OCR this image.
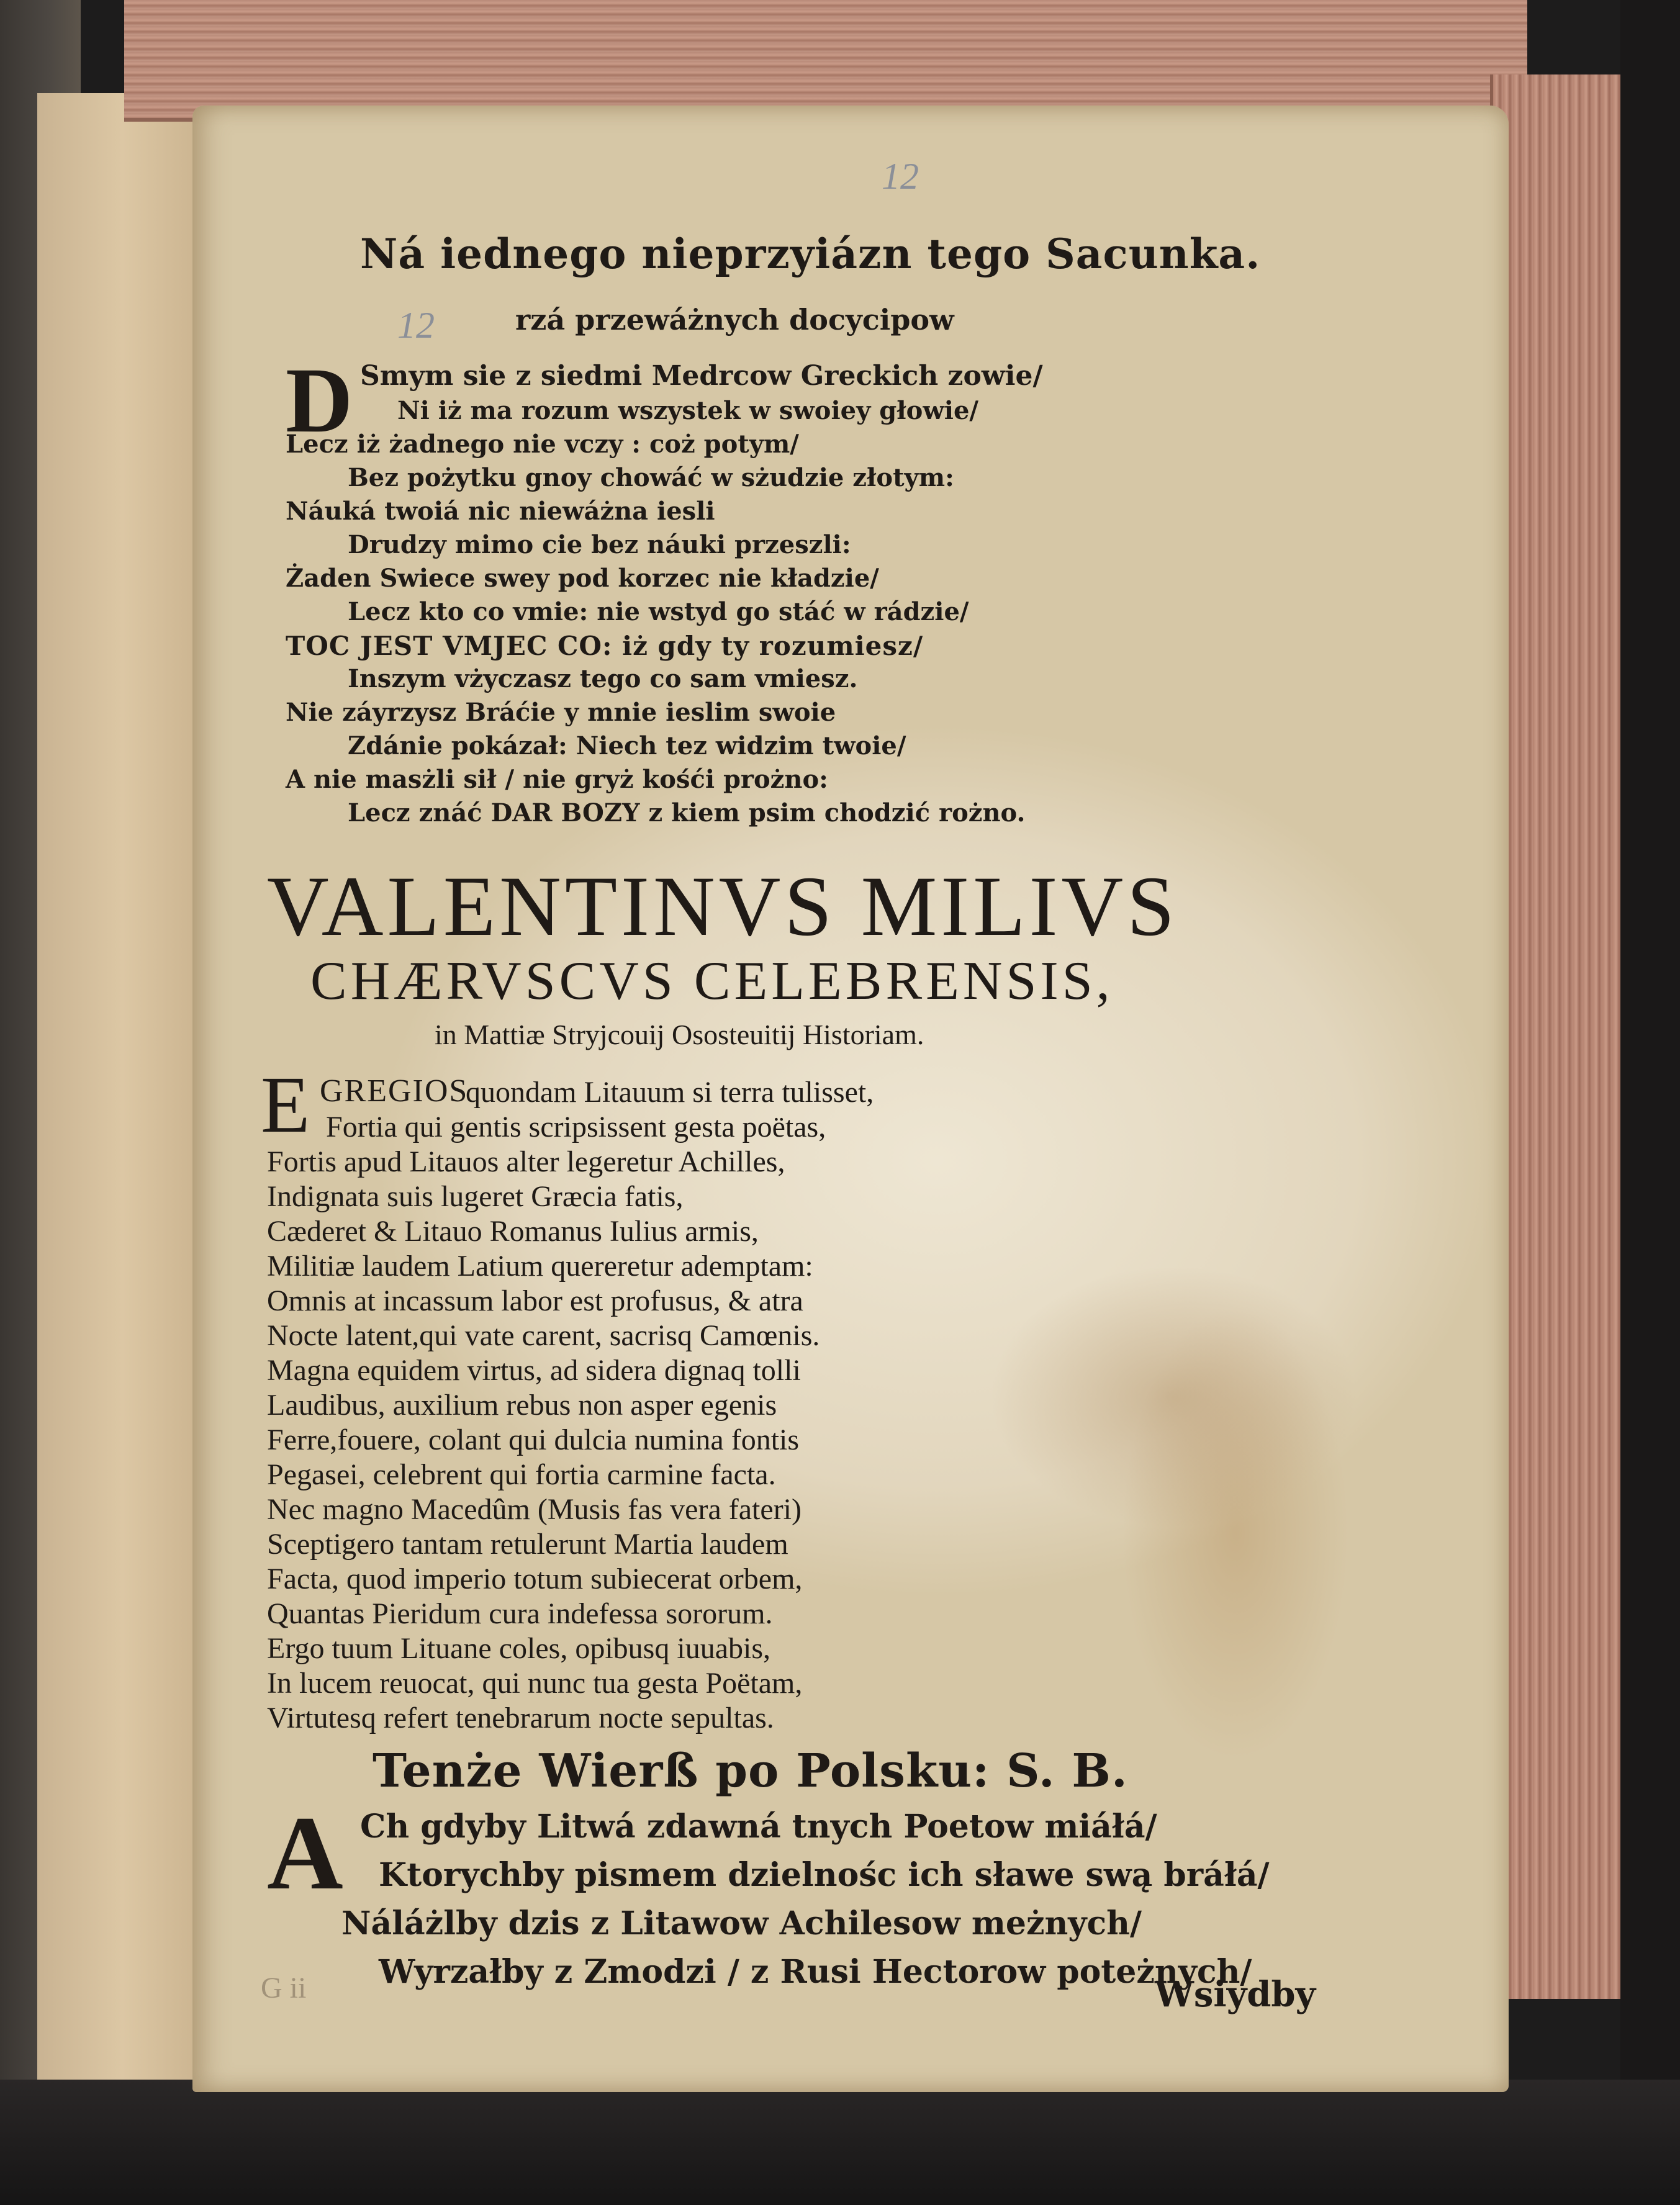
12
Ná iednego nieprzyiázn tego Sacunka.
12	rzá przewáżnych docycipow
D Smym sie z siedmi Medrcow Greckich zowie/
Ni iż ma rozum wszystek w swoiey głowie/
Lecz iż żadnego nie vczy : coż potym/
Bez pożytku gnoy chowáć w sżudzie złotym:
Náuká twoiá nic niewáżna iesli
Drudzy mimo cie bez náuki przeszli:
Żaden Swiece swey pod korzec nie kładzie/
Lecz kto co vmie: nie wstyd go stáć w rádzie/
TOC JEST VMJEC CO: iż gdy ty rozumiesz/
Inszym vżyczasz tego co sam vmiesz.
Nie záyrzysz Bráćie y mnie ieslim swoie
Zdánie pokázał: Niech tez widzim twoie/
A nie masżli sił / nie gryż kośći prożno:
Lecz znáć DAR BOZY z kiem psim chodzić rożno.
VALENTINVS MILIVS
CHÆRVSCVS CELEBRENSIS,
in Mattiæ Stryjcouij Ososteuitij Historiam.
E GREGIOS
quondam Litauum si terra tulisset,
Fortia qui gentis scripsissent gesta poëtas,
Fortis apud Litauos alter legeretur Achilles,
Indignata suis lugeret Græcia fatis,
Cæderet & Litauo Romanus Iulius armis,
Militiæ laudem Latium quereretur ademptam:
Omnis at incassum labor est profusus, & atra
Nocte latent,qui vate carent, sacrisq Camœnis.
Magna equidem virtus, ad sidera dignaq tolli
Laudibus, auxilium rebus non asper egenis
Ferre,fouere, colant qui dulcia numina fontis
Pegasei, celebrent qui fortia carmine facta.
Nec magno Macedûm (Musis fas vera fateri)
Sceptigero tantam retulerunt Martia laudem
Facta, quod imperio totum subiecerat orbem,
Quantas Pieridum cura indefessa sororum.
Ergo tuum Lituane coles, opibusq iuuabis,
In lucem reuocat, qui nunc tua gesta Poëtam,
Virtutesq refert tenebrarum nocte sepultas.
Tenże Wierß po Polsku: S. B.
A Ch gdyby Litwá zdawná tnych Poetow miáłá/
Ktorychby pismem dzielnośc ich sławe swą bráłá/
Náláżlby dzis z Litawow Achilesow meżnych/
Wyrzałby z Zmodzi / z Rusi Hectorow poteżnych/
G ii	Wsiydby
